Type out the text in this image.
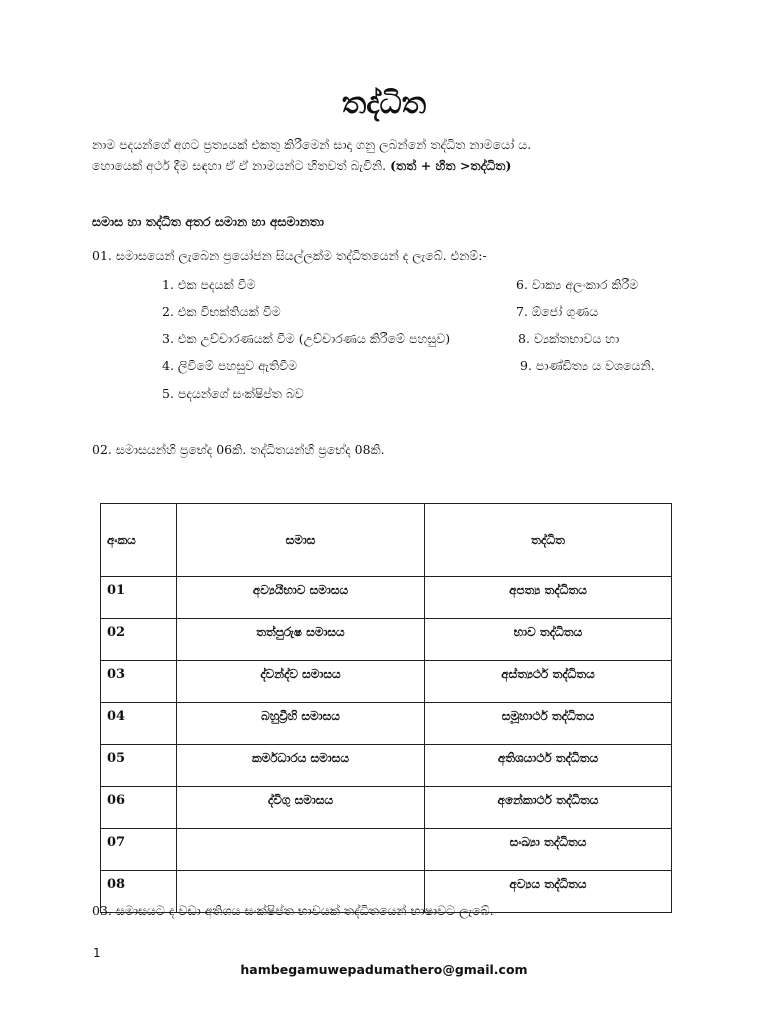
තද්ධිත
නාම පදයන්ගේ අගට ප්‍රත්‍යයක් එකතු කිරීමෙන් සාදා ගනු ලබන්නේ තද්ධිත නාමයෝ ය.
හොයෙක් අර්ථ දීම සඳහා ඒ ඒ නාමයන්ට හිතවත් බැවිනි. (තත් + හිත >තද්ධිත)
සමාස හා තද්ධිත අතර සමාන හා අසමානතා
01. සමාසයෙන් ලැබෙන ප්‍රයෝජන සියල්ලක්ම තද්ධිතයෙන් ද ලැබේ. එනම්:-
1. එක පදයක් වීම
2. එක විභක්තියක් වීම
3. එක උච්චාරණයක් වීම (උච්චාරණය කිරීමේ පහසුව)
4. ලිවීමේ පහසුව ඇතිවීම
5. පදයන්ගේ සංක්ෂිප්ත බව
6. වාක්‍ය අලංකාර කිරීම
7. ඕජෝ ගුණය
8. ව්‍යක්තභාවය හා
9. පාණ්ඩිත්‍ය ය වශයෙනි.
02. සමාසයන්හි ප්‍රභේද 06කි. තද්ධිතයන්හි ප්‍රභේද 08කි.
අංකය	සමාස	තද්ධිත
01	අව්‍යයීභාව සමාසය	අපත්‍ය තද්ධිතය
02	තත්පුරුෂ සමාසය	භාව තද්ධිතය
03	ද්වන්ද්ව සමාසය	අස්ත්‍යර්ථ තද්ධිතය
04	බහුව්‍රීහි සමාසය	සමූහාර්ථ තද්ධිතය
05	කර්මධාරය සමාසය	අතිශයාර්ථ තද්ධිතය
06	ද්විගු සමාසය	අනේකාර්ථ තද්ධිතය
07		සංඛ්‍යා තද්ධිතය
08		අව්‍යය තද්ධිතය
03. සමාසයට ද වඩා අතිශය සංක්ෂිප්ත භාවයක් තද්ධිතයෙන් භාෂාවට ලැබේ.
1
hambegamuwepadumathero@gmail.com
